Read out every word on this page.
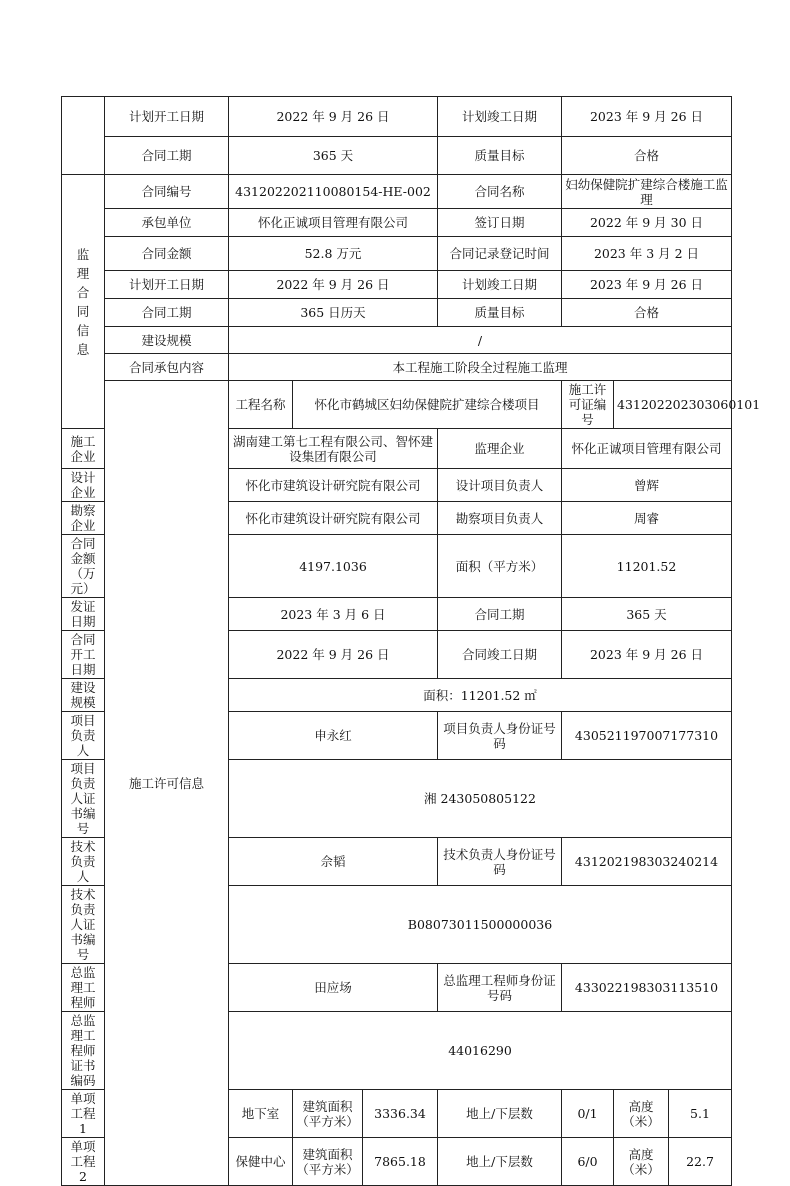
	计划开工日期	2022 年 9 月 26 日			计划竣工日期	2023 年 9 月 26 日		
	合同工期	365 天			质量目标	合格		
监理合同信息	合同编号	431202202110080154-HE-002			合同名称	妇幼保健院扩建综合楼施工监理		
	承包单位	怀化正诚项目管理有限公司			签订日期	2022 年 9 月 30 日		
	合同金额	52.8 万元			合同记录登记时间	2023 年 3 月 2 日		
	计划开工日期	2022 年 9 月 26 日			计划竣工日期	2023 年 9 月 26 日		
	合同工期	365 日历天			质量目标	合格		
	建设规模	/						
	合同承包内容	本工程施工阶段全过程施工监理						
	施工许可信息	工程名称	怀化市鹤城区妇幼保健院扩建综合楼项目			施工许可证编号	431202202303060101	
施工企业		湖南建工第七工程有限公司、智怀建设集团有限公司			监理企业	怀化正诚项目管理有限公司		
设计企业		怀化市建筑设计研究院有限公司			设计项目负责人	曾辉		
勘察企业		怀化市建筑设计研究院有限公司			勘察项目负责人	周睿		
合同金额（万元）		4197.1036			面积（平方米）	11201.52		
发证日期		2023 年 3 月 6 日			合同工期	365 天		
合同开工日期		2022 年 9 月 26 日			合同竣工日期	2023 年 9 月 26 日		
建设规模		面积：11201.52 ㎡						
项目负责人		申永红			项目负责人身份证号码	430521197007177310		
项目负责人证书编号		湘 243050805122						
技术负责人		佘韬			技术负责人身份证号码	431202198303240214		
技术负责人证书编号		B08073011500000036						
总监理工程师		田应场			总监理工程师身份证号码	433022198303113510		
总监理工程师证书编码		44016290						
单项工程 1		地下室	建筑面积（平方米）	3336.34	地上/下层数	0/1	高度（米）	5.1
单项工程 2		保健中心	建筑面积（平方米）	7865.18	地上/下层数	6/0	高度（米）	22.7
